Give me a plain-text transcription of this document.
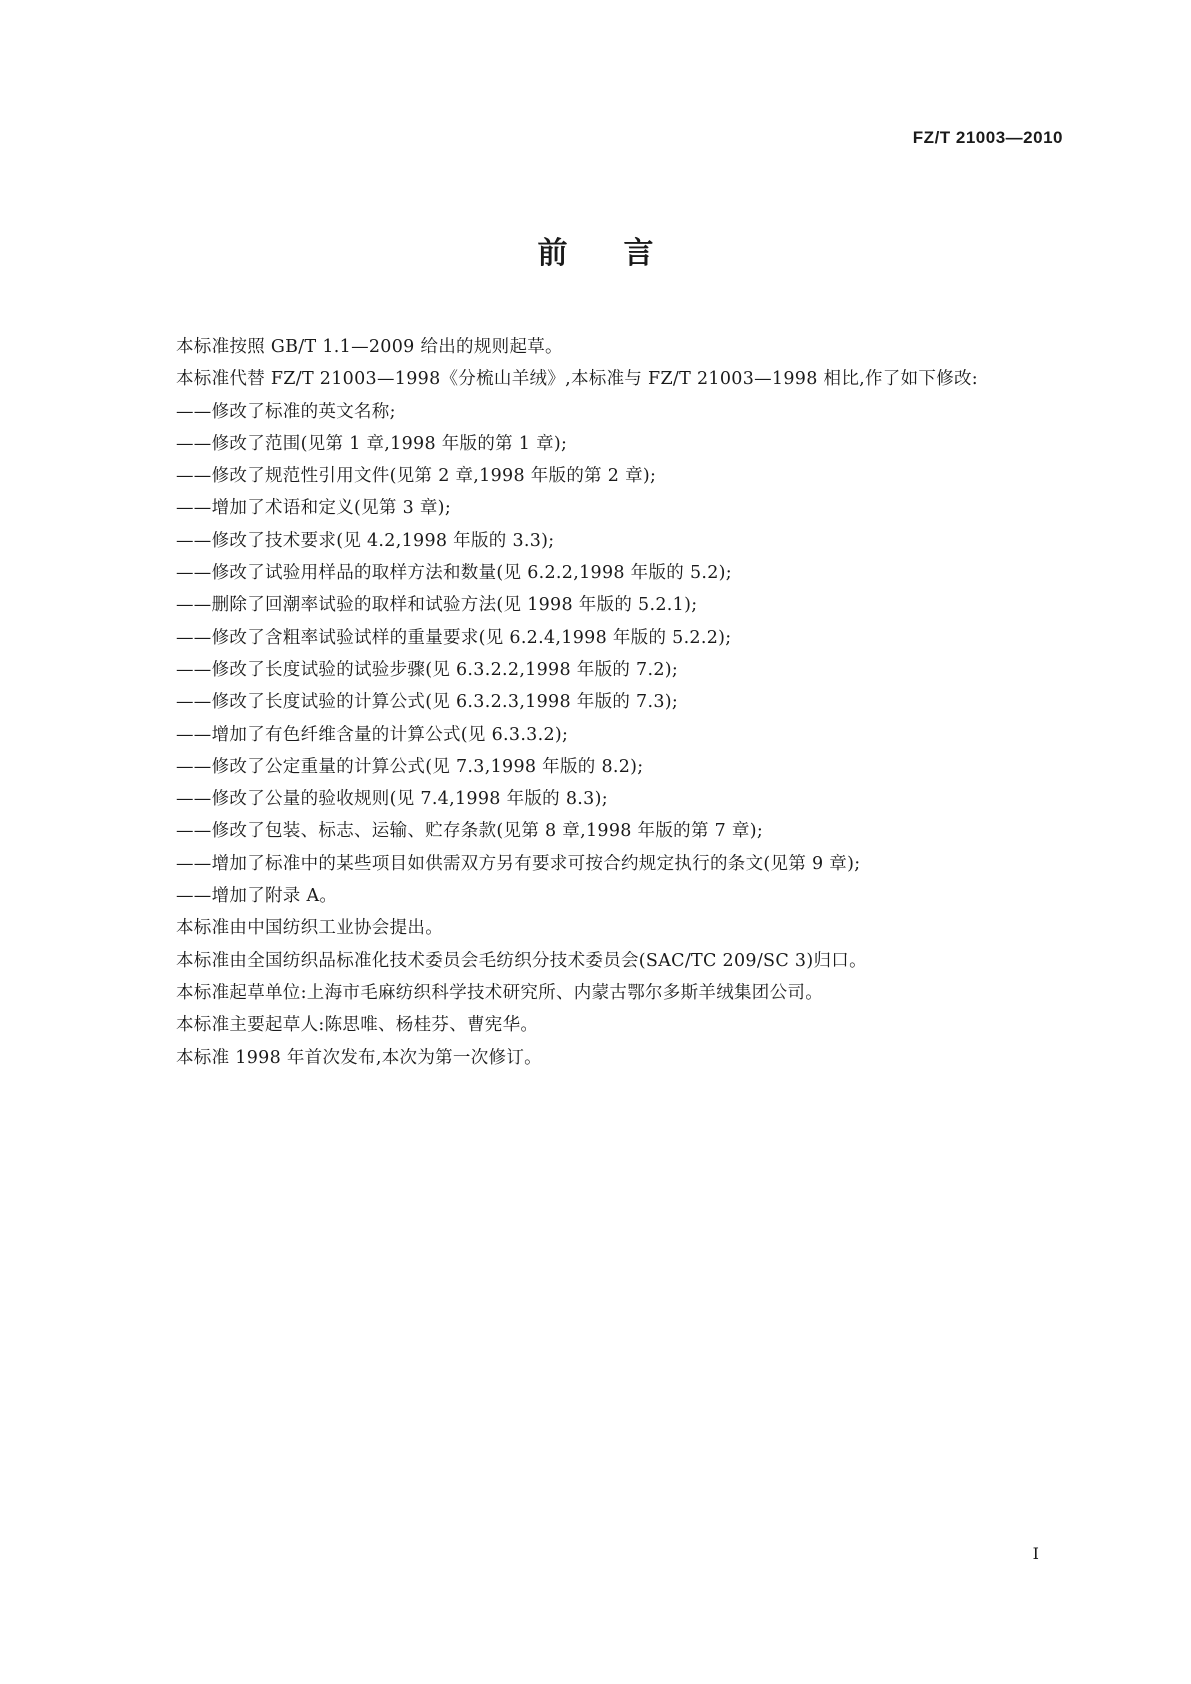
FZ/T 21003—2010
前言
本标准按照 GB/T 1.1—2009 给出的规则起草。
本标准代替 FZ/T 21003—1998《分梳山羊绒》,本标准与 FZ/T 21003—1998 相比,作了如下修改:
——修改了标准的英文名称;
——修改了范围(见第 1 章,1998 年版的第 1 章);
——修改了规范性引用文件(见第 2 章,1998 年版的第 2 章);
——增加了术语和定义(见第 3 章);
——修改了技术要求(见 4.2,1998 年版的 3.3);
——修改了试验用样品的取样方法和数量(见 6.2.2,1998 年版的 5.2);
——删除了回潮率试验的取样和试验方法(见 1998 年版的 5.2.1);
——修改了含粗率试验试样的重量要求(见 6.2.4,1998 年版的 5.2.2);
——修改了长度试验的试验步骤(见 6.3.2.2,1998 年版的 7.2);
——修改了长度试验的计算公式(见 6.3.2.3,1998 年版的 7.3);
——增加了有色纤维含量的计算公式(见 6.3.3.2);
——修改了公定重量的计算公式(见 7.3,1998 年版的 8.2);
——修改了公量的验收规则(见 7.4,1998 年版的 8.3);
——修改了包装、标志、运输、贮存条款(见第 8 章,1998 年版的第 7 章);
——增加了标准中的某些项目如供需双方另有要求可按合约规定执行的条文(见第 9 章);
——增加了附录 A。
本标准由中国纺织工业协会提出。
本标准由全国纺织品标准化技术委员会毛纺织分技术委员会(SAC/TC 209/SC 3)归口。
本标准起草单位:上海市毛麻纺织科学技术研究所、内蒙古鄂尔多斯羊绒集团公司。
本标准主要起草人:陈思唯、杨桂芬、曹宪华。
本标准 1998 年首次发布,本次为第一次修订。
I
